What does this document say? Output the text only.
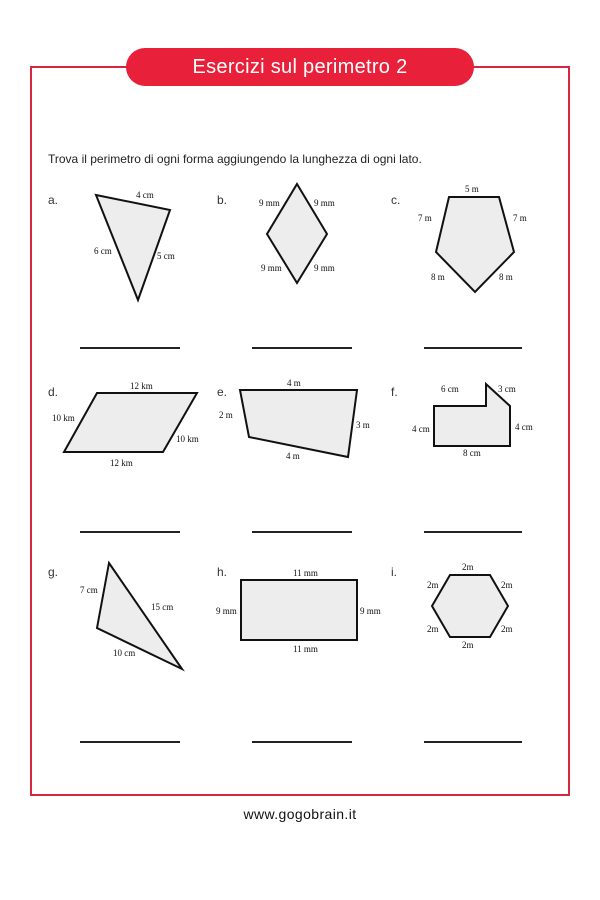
Esercizi sul perimetro 2
Trova il perimetro di ogni forma aggiungendo la lunghezza di ogni lato.
a.	b.	c.
d.	e.	f.
g.	h.	i.
4 cm
6 cm	5 cm
9 mm	9 mm
9 mm	9 mm
5 m
7 m	7 m
8 m	8 m
12 km
10 km
10 km
12 km
4 m
2 m
3 m
4 m
6 cm	3 cm
4 cm	4 cm
8 cm
7 cm
15 cm
10 cm
11 mm
9 mm	9 mm
11 mm
2m
2m	2m
2m	2m
2m
www.gogobrain.it
